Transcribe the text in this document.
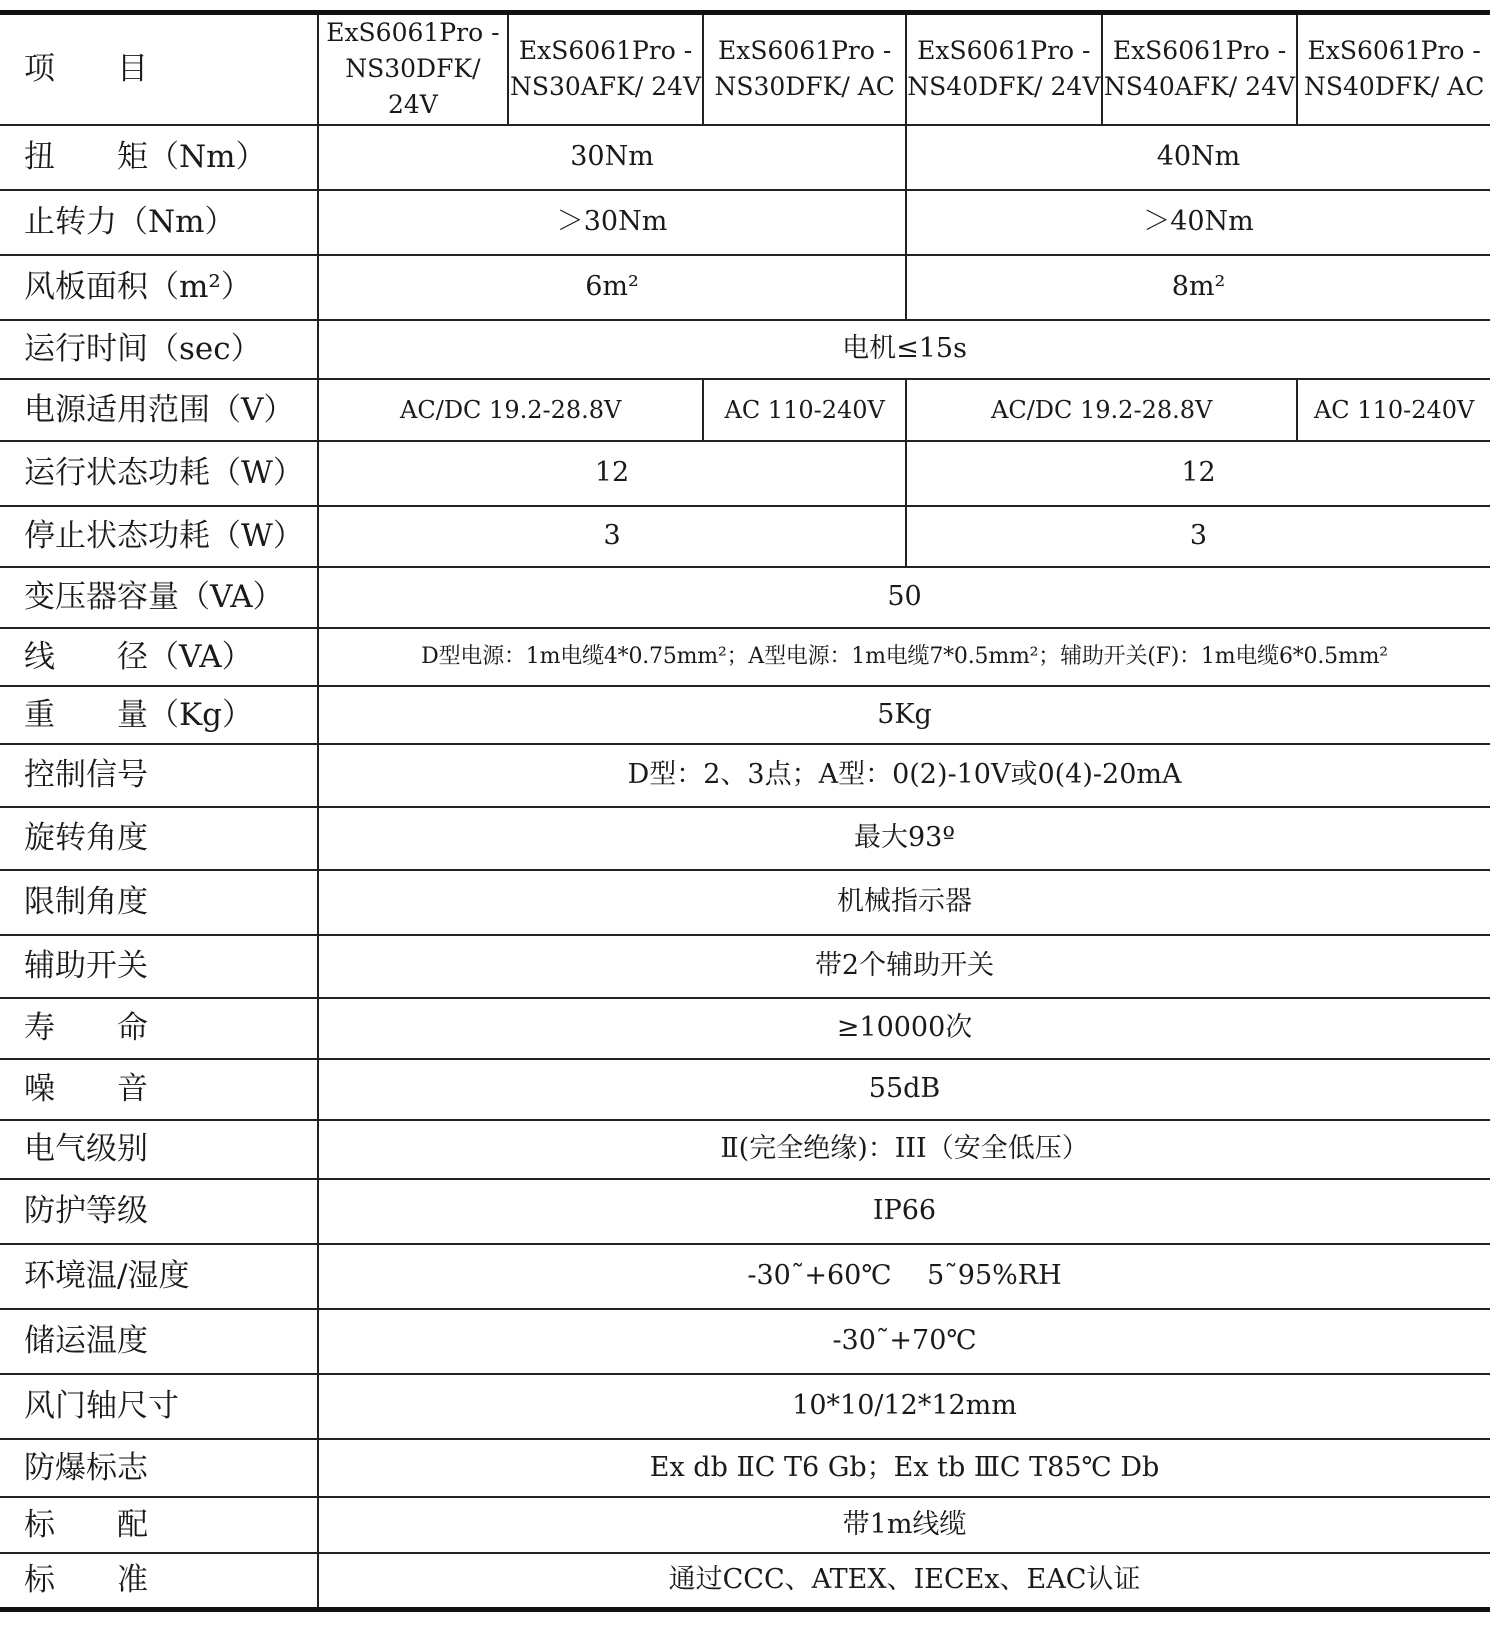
项　　目	ExS6061Pro -NS30DFK/ 24V	ExS6061Pro -NS30AFK/ 24V	ExS6061Pro -NS30DFK/ AC	ExS6061Pro -NS40DFK/ 24V	ExS6061Pro -NS40AFK/ 24V	ExS6061Pro -NS40DFK/ AC
扭　　矩（Nm）	30Nm			40Nm		
止转力（Nm）	＞30Nm			＞40Nm		
风板面积（m²）	6m²			8m²		
运行时间（sec）	电机≤15s					
电源适用范围（V）	AC/DC 19.2-28.8V		AC 110-240V	AC/DC 19.2-28.8V		AC 110-240V
运行状态功耗（W）	12			12		
停止状态功耗（W）	3			3		
变压器容量（VA）	50					
线　　径（VA）	D型电源：1m电缆4*0.75mm²；A型电源：1m电缆7*0.5mm²；辅助开关(F)：1m电缆6*0.5mm²					
重　　量（Kg）	5Kg					
控制信号	D型：2、3点；A型：0(2)-10V或0(4)-20mA					
旋转角度	最大93º					
限制角度	机械指示器					
辅助开关	带2个辅助开关					
寿　　命	≥10000次					
噪　　音	55dB					
电气级别	Ⅱ(完全绝缘)：III（安全低压）					
防护等级	IP66					
环境温/湿度	-30˜+60℃　 5˜95%RH					
储运温度	-30˜+70℃					
风门轴尺寸	10*10/12*12mm					
防爆标志	Ex db ⅡC T6 Gb；Ex tb ⅢC T85℃ Db					
标　　配	带1m线缆					
标　　准	通过CCC、ATEX、IECEx、EAC认证					
